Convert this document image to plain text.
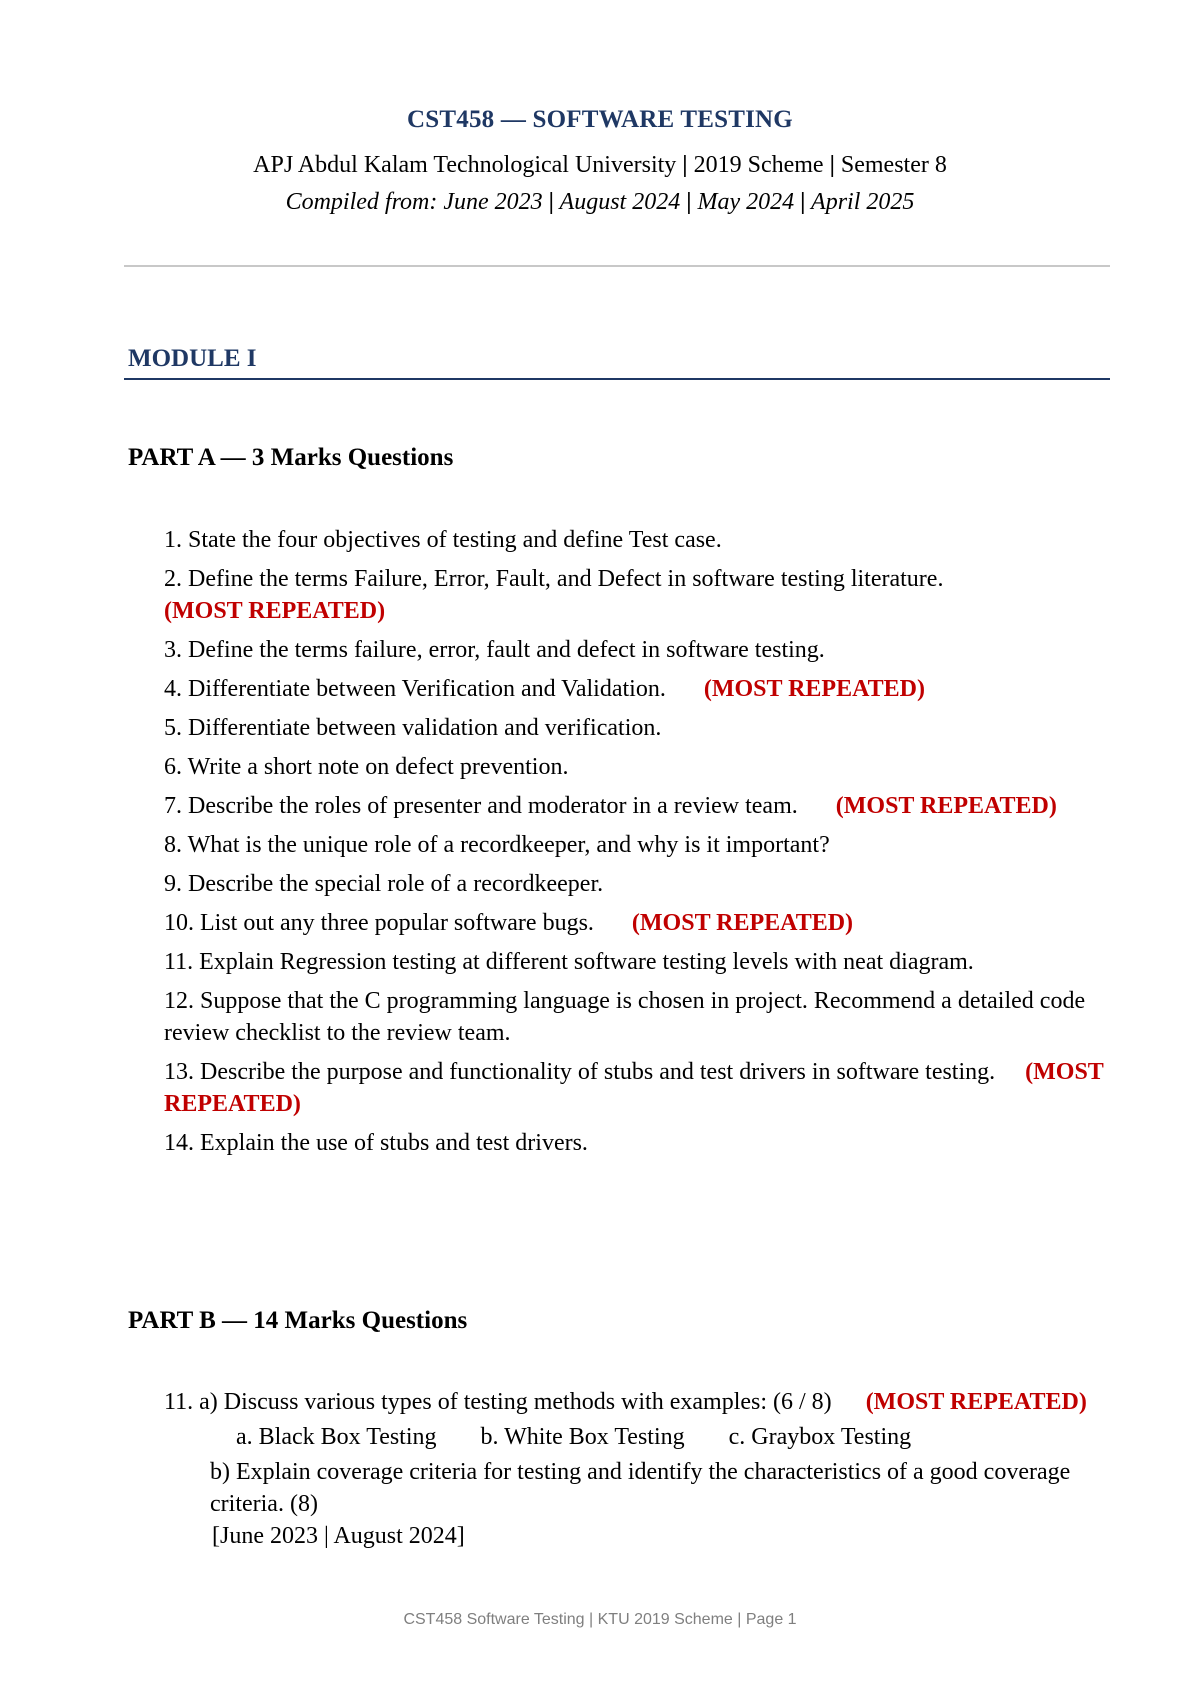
CST458 — SOFTWARE TESTING
APJ Abdul Kalam Technological University | 2019 Scheme | Semester 8
Compiled from: June 2023 | August 2024 | May 2024 | April 2025
MODULE I
PART A — 3 Marks Questions
1. State the four objectives of testing and define Test case.
2. Define the terms Failure, Error, Fault, and Defect in software testing literature.
(MOST REPEATED)
3. Define the terms failure, error, fault and defect in software testing.
4. Differentiate between Verification and Validation. (MOST REPEATED)
5. Differentiate between validation and verification.
6. Write a short note on defect prevention.
7. Describe the roles of presenter and moderator in a review team. (MOST REPEATED)
8. What is the unique role of a recordkeeper, and why is it important?
9. Describe the special role of a recordkeeper.
10. List out any three popular software bugs. (MOST REPEATED)
11. Explain Regression testing at different software testing levels with neat diagram.
12. Suppose that the C programming language is chosen in project. Recommend a detailed code review checklist to the review team.
13. Describe the purpose and functionality of stubs and test drivers in software testing. (MOST REPEATED)
14. Explain the use of stubs and test drivers.
PART B — 14 Marks Questions
11. a) Discuss various types of testing methods with examples: (6 / 8) (MOST REPEATED)
a. Black Box Testing b. White Box Testing c. Graybox Testing
b) Explain coverage criteria for testing and identify the characteristics of a good coverage criteria. (8)
[June 2023 | August 2024]
CST458 Software Testing | KTU 2019 Scheme | Page 1
